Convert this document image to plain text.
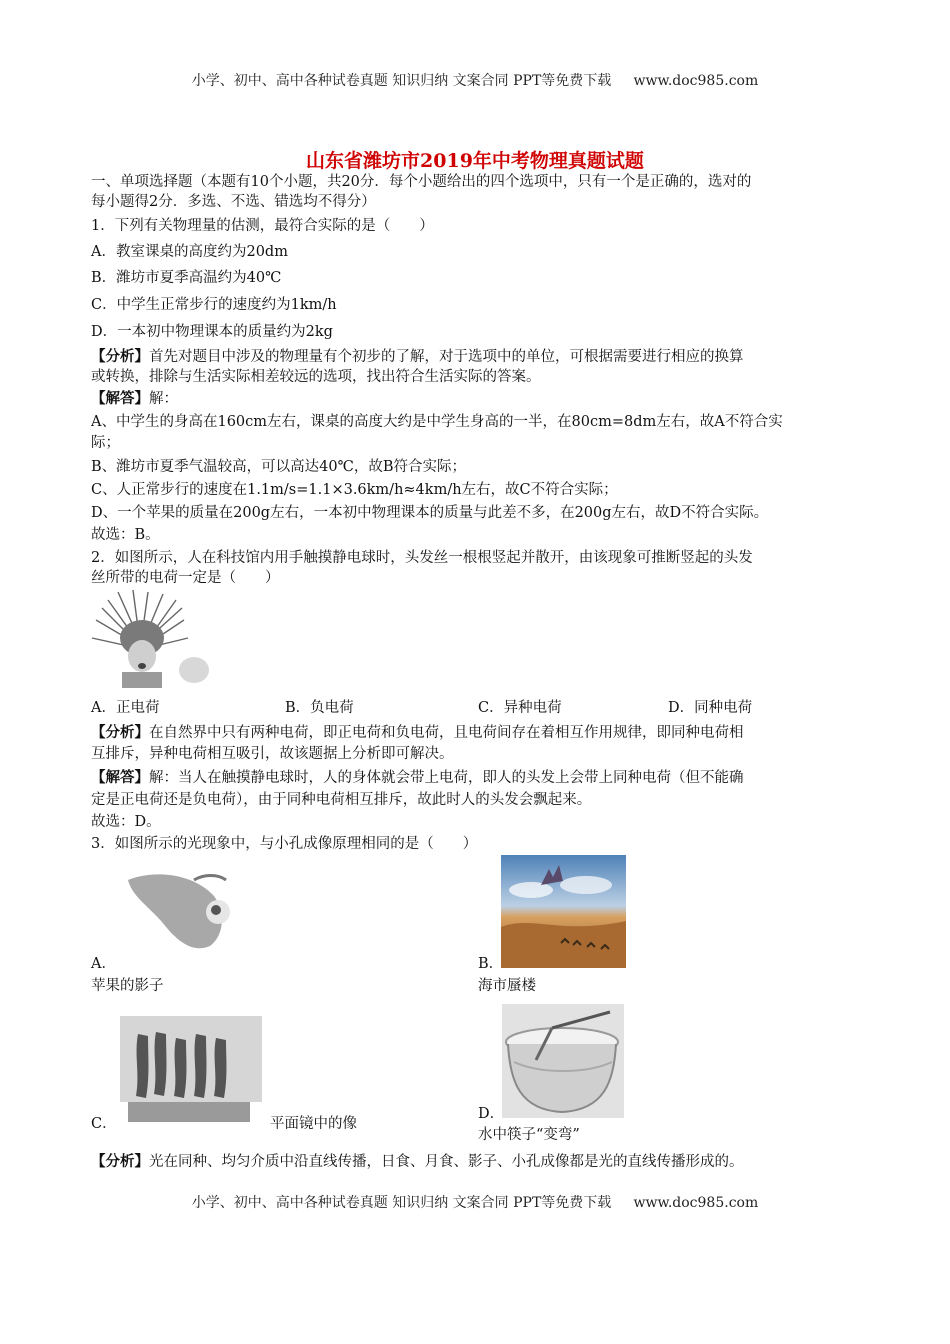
小学、初中、高中各种试卷真题 知识归纳 文案合同 PPT等免费下载 www.doc985.com
山东省潍坊市2019年中考物理真题试题
一、单项选择题（本题有10个小题，共20分．每个小题给出的四个选项中，只有一个是正确的，选对的
每小题得2分．多选、不选、错选均不得分）
1．下列有关物理量的估测，最符合实际的是（　　）
A．教室课桌的高度约为20dm
B．潍坊市夏季高温约为40℃
C．中学生正常步行的速度约为1km/h
D．一本初中物理课本的质量约为2kg
【分析】首先对题目中涉及的物理量有个初步的了解，对于选项中的单位，可根据需要进行相应的换算
或转换，排除与生活实际相差较远的选项，找出符合生活实际的答案。
【解答】解：
A、中学生的身高在160cm左右，课桌的高度大约是中学生身高的一半，在80cm=8dm左右，故A不符合实
际；
B、潍坊市夏季气温较高，可以高达40℃，故B符合实际；
C、人正常步行的速度在1.1m/s=1.1×3.6km/h≈4km/h左右，故C不符合实际；
D、一个苹果的质量在200g左右，一本初中物理课本的质量与此差不多，在200g左右，故D不符合实际。
故选：B。
2．如图所示，人在科技馆内用手触摸静电球时，头发丝一根根竖起并散开，由该现象可推断竖起的头发
丝所带的电荷一定是（　　）
A．正电荷	B．负电荷	C．异种电荷	D．同种电荷
【分析】在自然界中只有两种电荷，即正电荷和负电荷，且电荷间存在着相互作用规律，即同种电荷相
互排斥，异种电荷相互吸引，故该题据上分析即可解决。
【解答】解：当人在触摸静电球时，人的身体就会带上电荷，即人的头发上会带上同种电荷（但不能确
定是正电荷还是负电荷），由于同种电荷相互排斥，故此时人的头发会飘起来。
故选：D。
3．如图所示的光现象中，与小孔成像原理相同的是（　　）
A．
苹果的影子
B．
海市蜃楼
C．	平面镜中的像
D．
水中筷子“变弯”
【分析】光在同种、均匀介质中沿直线传播，日食、月食、影子、小孔成像都是光的直线传播形成的。
小学、初中、高中各种试卷真题 知识归纳 文案合同 PPT等免费下载 www.doc985.com
